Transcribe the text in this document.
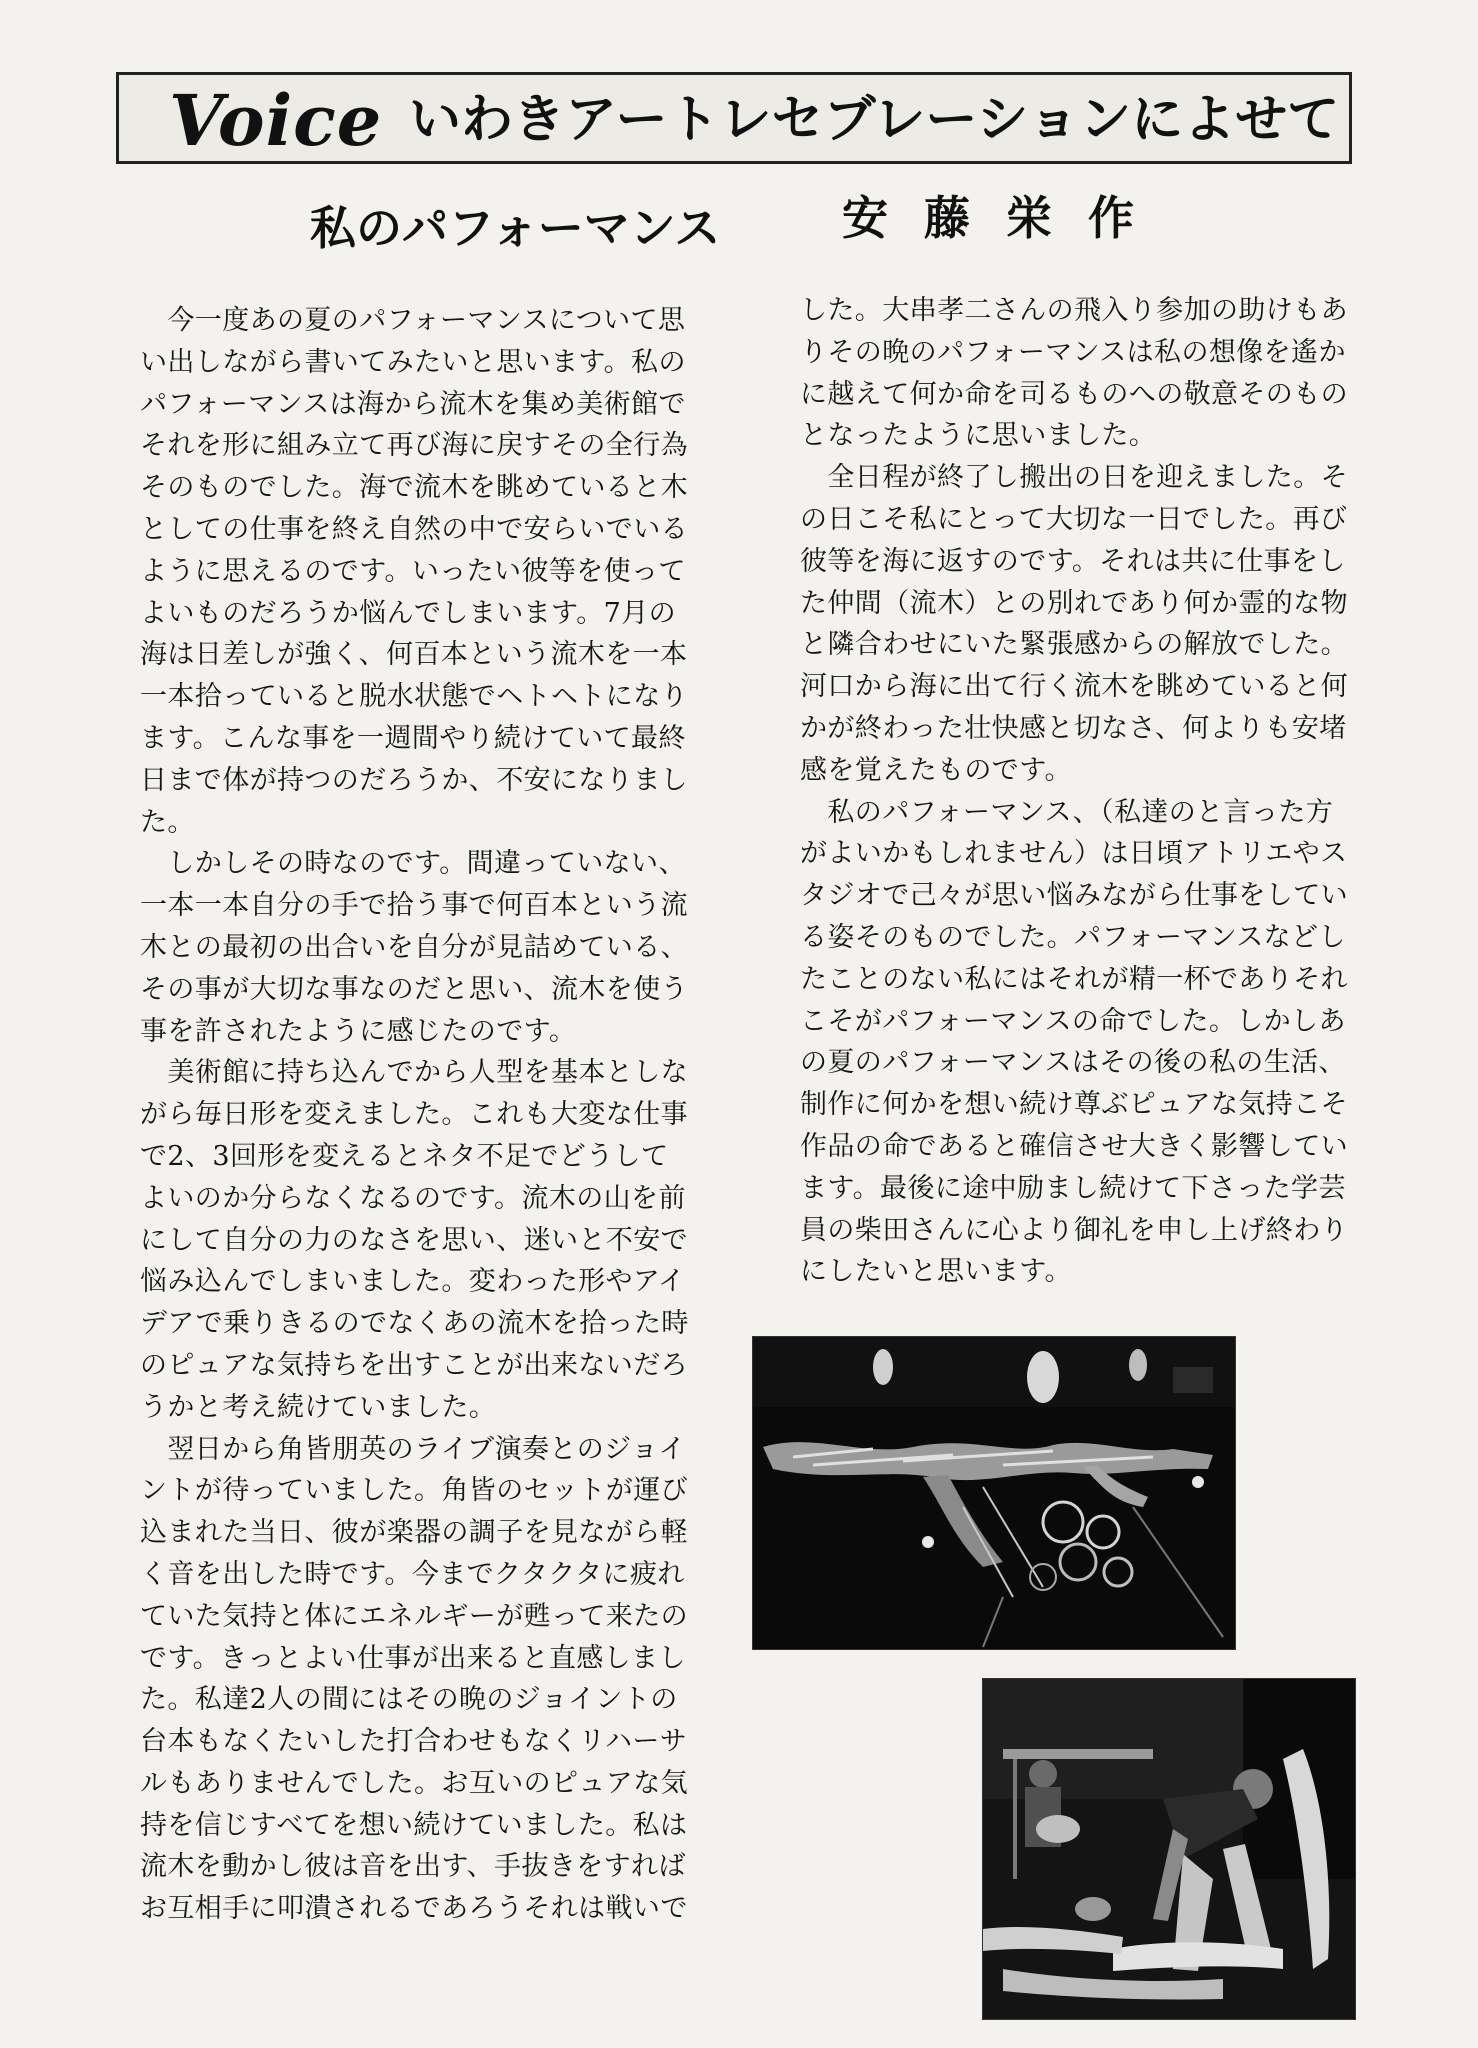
Voice いわきアートレセブレーションによせて
私のパフォーマンス	安藤栄作

　今一度あの夏のパフォーマンスについて思

い出しながら書いてみたいと思います。私の

パフォーマンスは海から流木を集め美術館で

それを形に組み立て再び海に戻すその全行為

そのものでした。海で流木を眺めていると木

としての仕事を終え自然の中で安らいでいる

ように思えるのです。いったい彼等を使って

よいものだろうか悩んでしまいます。7月の

海は日差しが強く、何百本という流木を一本

一本拾っていると脱水状態でヘトヘトになり

ます。こんな事を一週間やり続けていて最終

日まで体が持つのだろうか、不安になりまし

た。

　しかしその時なのです。間違っていない、

一本一本自分の手で拾う事で何百本という流

木との最初の出合いを自分が見詰めている、

その事が大切な事なのだと思い、流木を使う

事を許されたように感じたのです。

　美術館に持ち込んでから人型を基本としな

がら毎日形を変えました。これも大変な仕事

で2、3回形を変えるとネタ不足でどうして

よいのか分らなくなるのです。流木の山を前

にして自分の力のなさを思い、迷いと不安で

悩み込んでしまいました。変わった形やアイ

デアで乗りきるのでなくあの流木を拾った時

のピュアな気持ちを出すことが出来ないだろ

うかと考え続けていました。

　翌日から角皆朋英のライブ演奏とのジョイ

ントが待っていました。角皆のセットが運び

込まれた当日、彼が楽器の調子を見ながら軽

く音を出した時です。今までクタクタに疲れ

ていた気持と体にエネルギーが甦って来たの

です。きっとよい仕事が出来ると直感しまし

た。私達2人の間にはその晩のジョイントの

台本もなくたいした打合わせもなくリハーサ

ルもありませんでした。お互いのピュアな気

持を信じすべてを想い続けていました。私は

流木を動かし彼は音を出す、手抜きをすれば

お互相手に叩潰されるであろうそれは戦いで

した。大串孝二さんの飛入り参加の助けもあ

りその晩のパフォーマンスは私の想像を遙か

に越えて何か命を司るものへの敬意そのもの

となったように思いました。

　全日程が終了し搬出の日を迎えました。そ

の日こそ私にとって大切な一日でした。再び

彼等を海に返すのです。それは共に仕事をし

た仲間（流木）との別れであり何か霊的な物

と隣合わせにいた緊張感からの解放でした。

河口から海に出て行く流木を眺めていると何

かが終わった壮快感と切なさ、何よりも安堵

感を覚えたものです。

　私のパフォーマンス、（私達のと言った方

がよいかもしれません）は日頃アトリエやス

タジオで己々が思い悩みながら仕事をしてい

る姿そのものでした。パフォーマンスなどし

たことのない私にはそれが精一杯でありそれ

こそがパフォーマンスの命でした。しかしあ

の夏のパフォーマンスはその後の私の生活、

制作に何かを想い続け尊ぶピュアな気持こそ

作品の命であると確信させ大きく影響してい

ます。最後に途中励まし続けて下さった学芸

員の柴田さんに心より御礼を申し上げ終わり

にしたいと思います。
